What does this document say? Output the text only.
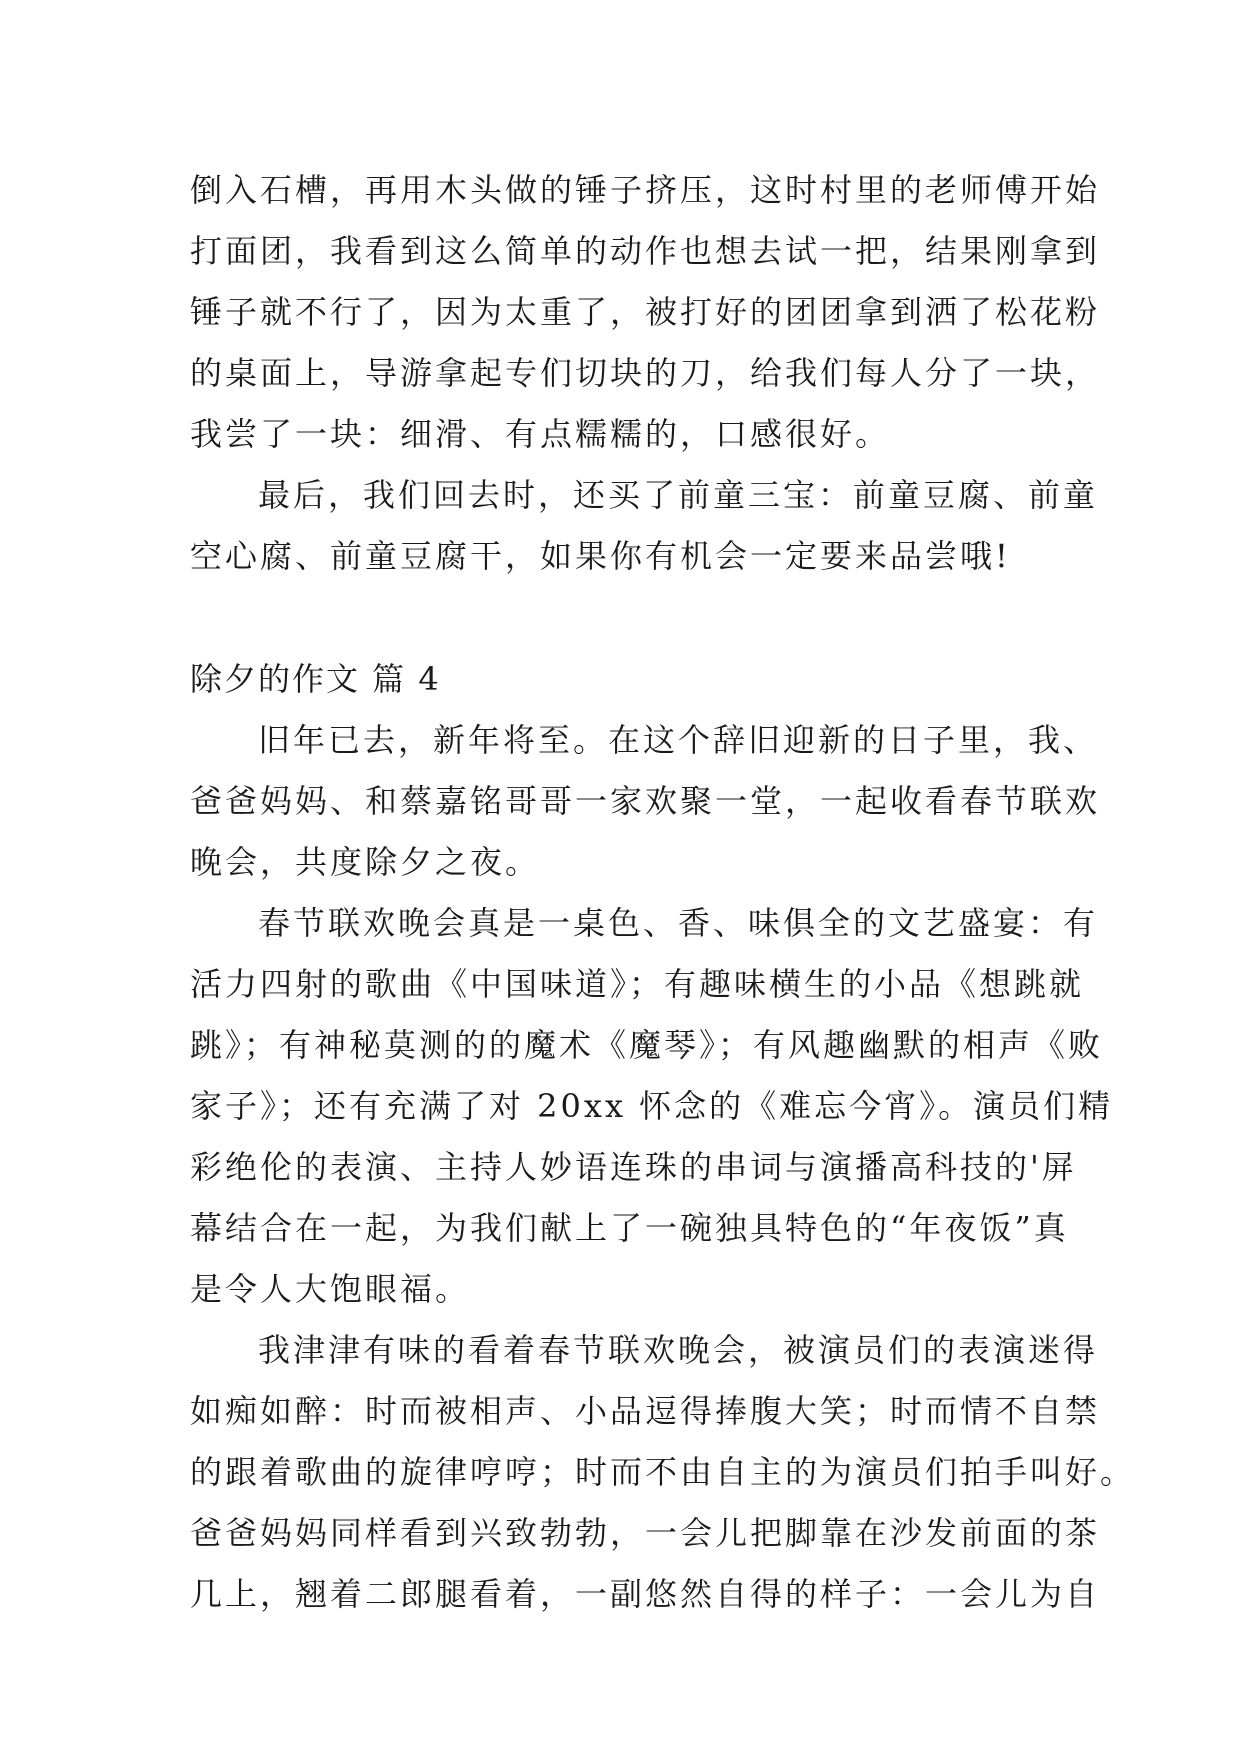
倒入石槽，再用木头做的锤子挤压，这时村里的老师傅开始
打面团，我看到这么简单的动作也想去试一把，结果刚拿到
锤子就不行了，因为太重了，被打好的团团拿到洒了松花粉
的桌面上，导游拿起专们切块的刀，给我们每人分了一块，
我尝了一块：细滑、有点糯糯的，口感很好。
最后，我们回去时，还买了前童三宝：前童豆腐、前童
空心腐、前童豆腐干，如果你有机会一定要来品尝哦!
除夕的作文 篇 4
旧年已去，新年将至。在这个辞旧迎新的日子里，我、
爸爸妈妈、和蔡嘉铭哥哥一家欢聚一堂，一起收看春节联欢
晚会，共度除夕之夜。
春节联欢晚会真是一桌色、香、味俱全的文艺盛宴：有
活力四射的歌曲《中国味道》；有趣味横生的小品《想跳就
跳》；有神秘莫测的的魔术《魔琴》；有风趣幽默的相声《败
家子》；还有充满了对 20xx 怀念的《难忘今宵》。演员们精
彩绝伦的表演、主持人妙语连珠的串词与演播高科技的'屏
幕结合在一起，为我们献上了一碗独具特色的“年夜饭”真
是令人大饱眼福。
我津津有味的看着春节联欢晚会，被演员们的表演迷得
如痴如醉：时而被相声、小品逗得捧腹大笑；时而情不自禁
的跟着歌曲的旋律哼哼；时而不由自主的为演员们拍手叫好。
爸爸妈妈同样看到兴致勃勃，一会儿把脚靠在沙发前面的茶
几上，翘着二郎腿看着，一副悠然自得的样子：一会儿为自
